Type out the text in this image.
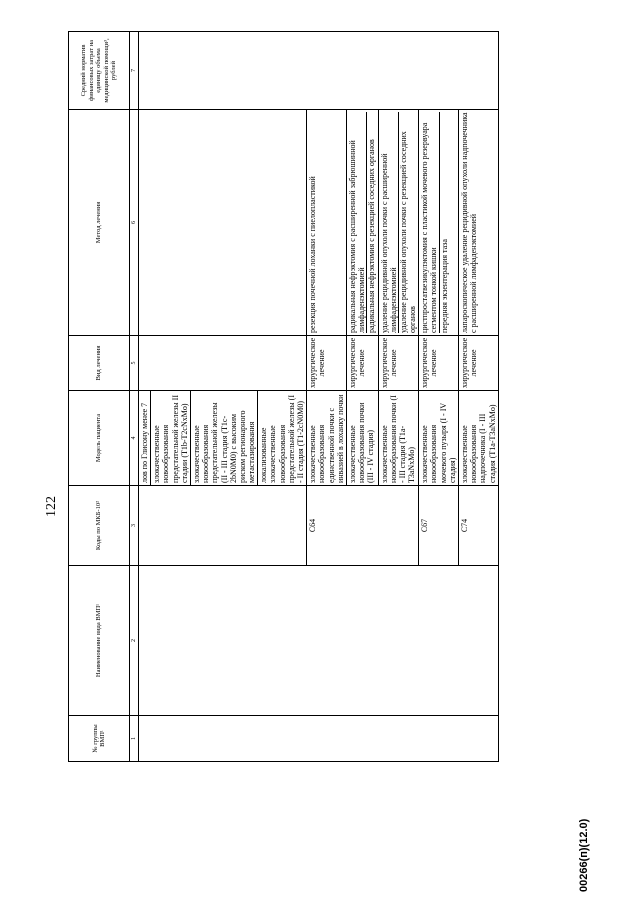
122
№ группы ВМП¹	Наименование вида ВМП¹	Коды по МКБ-10²	Модель пациента	Вид лечения	Метод лечения	Средний норматив финансовых затрат на единицу объема медицинской помощи³, рублей
1	2	3	4	5	6	7
			лов по Глисону менее 7			
			злокачественные новообразования предстательной железы II стадии (T1b-T2cNxMo)			
			злокачественные новообразования предстательной железы (II - III стадия (T1c-2bN0M0) с высоким риском регионарного метастазирования			
			локализованные злокачественные новообразования предстательной железы (I - II стадия (T1-2cN0M0)			
		C64	злокачественные новообразования единственной почки с инвазией в лоханку почки	хирургическое лечение	резекция почечной лоханки с пиелопластикой	
			злокачественные новообразования почки (III - IV стадия)	хирургическое лечение	радикальная нефрэктомия с расширенной забрюшинной лимфаденэктомией радикальная нефрэктомия с резекцией соседних органов	

			злокачественные новообразования почки (I - III стадия (T1a-T3aNxMo)	хирургическое лечение	удаление рецидивной опухоли почки с расширенной лимфаденэктомией удаление рецидивной опухоли почки с резекцией соседних органов	

		C67	злокачественные новообразования мочевого пузыря (I - IV стадия)	хирургическое лечение	цистпростатвезикулэктомия с пластикой мочевого резервуара сегментом тонкой кишки передняя экзентерация таза	

		C74	злокачественные новообразования надпочечника (I - III стадия (T1a-T3aNxMo)	хирургическое лечение	лапароскопическое удаление рецидивной опухоли надпочечника с расширенной лимфаденэктомией	
00266(п)(12.0)
